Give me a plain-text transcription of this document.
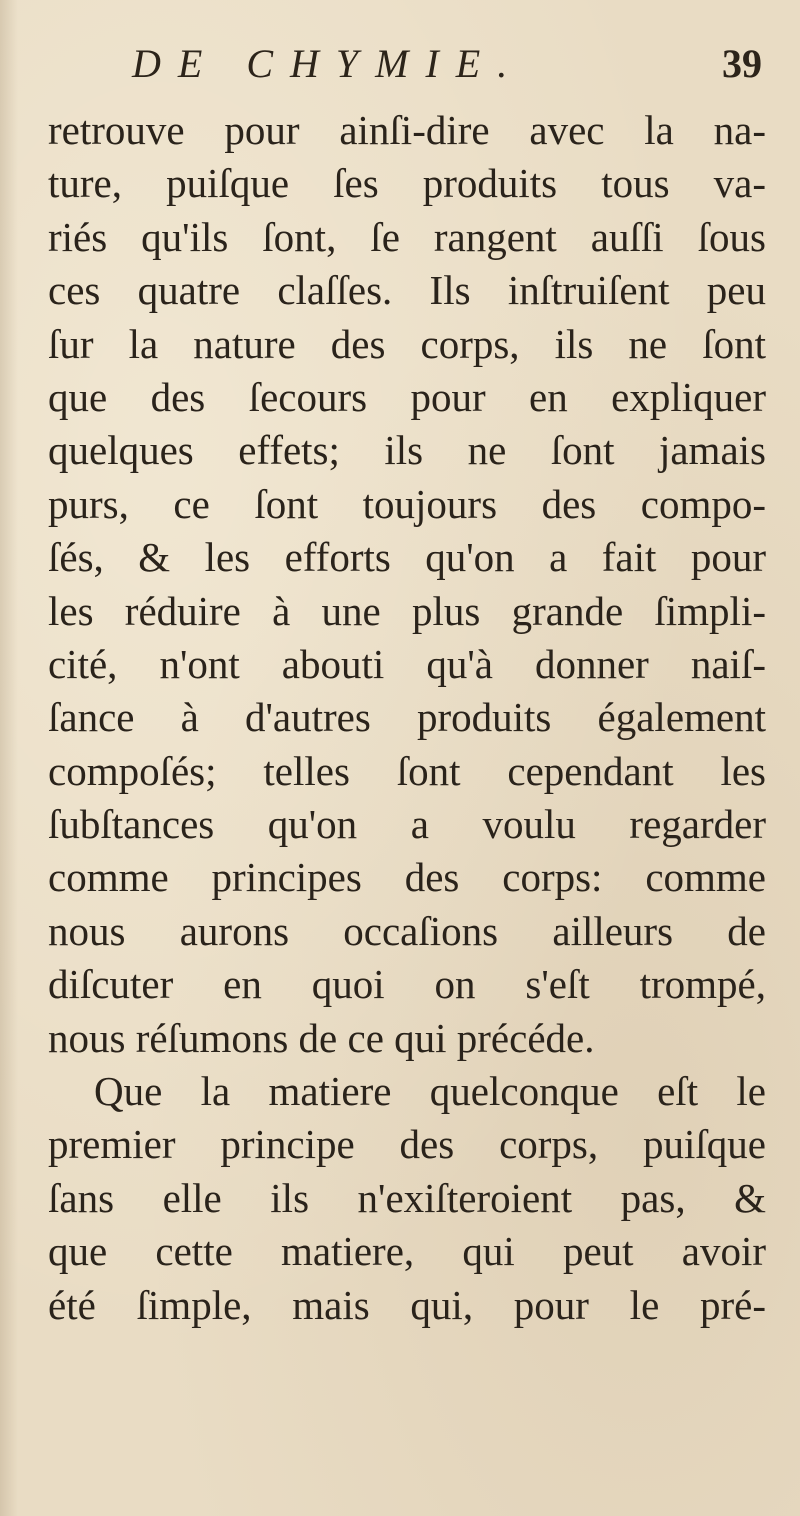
DE CHYMIE.	39
retrouve pour ainſi-dire avec la na-
ture, puiſque ſes produits tous va-
riés qu'ils ſont, ſe rangent auſſi ſous
ces quatre claſſes. Ils inſtruiſent peu
ſur la nature des corps, ils ne ſont
que des ſecours pour en expliquer
quelques effets; ils ne ſont jamais
purs, ce ſont toujours des compo-
ſés, & les efforts qu'on a fait pour
les réduire à une plus grande ſimpli-
cité, n'ont abouti qu'à donner naiſ-
ſance à d'autres produits également
compoſés; telles ſont cependant les
ſubſtances qu'on a voulu regarder
comme principes des corps: comme
nous aurons occaſions ailleurs de
diſcuter en quoi on s'eſt trompé,
nous réſumons de ce qui précéde.
Que la matiere quelconque eſt le
premier principe des corps, puiſque
ſans elle ils n'exiſteroient pas, &
que cette matiere, qui peut avoir
été ſimple, mais qui, pour le pré-
